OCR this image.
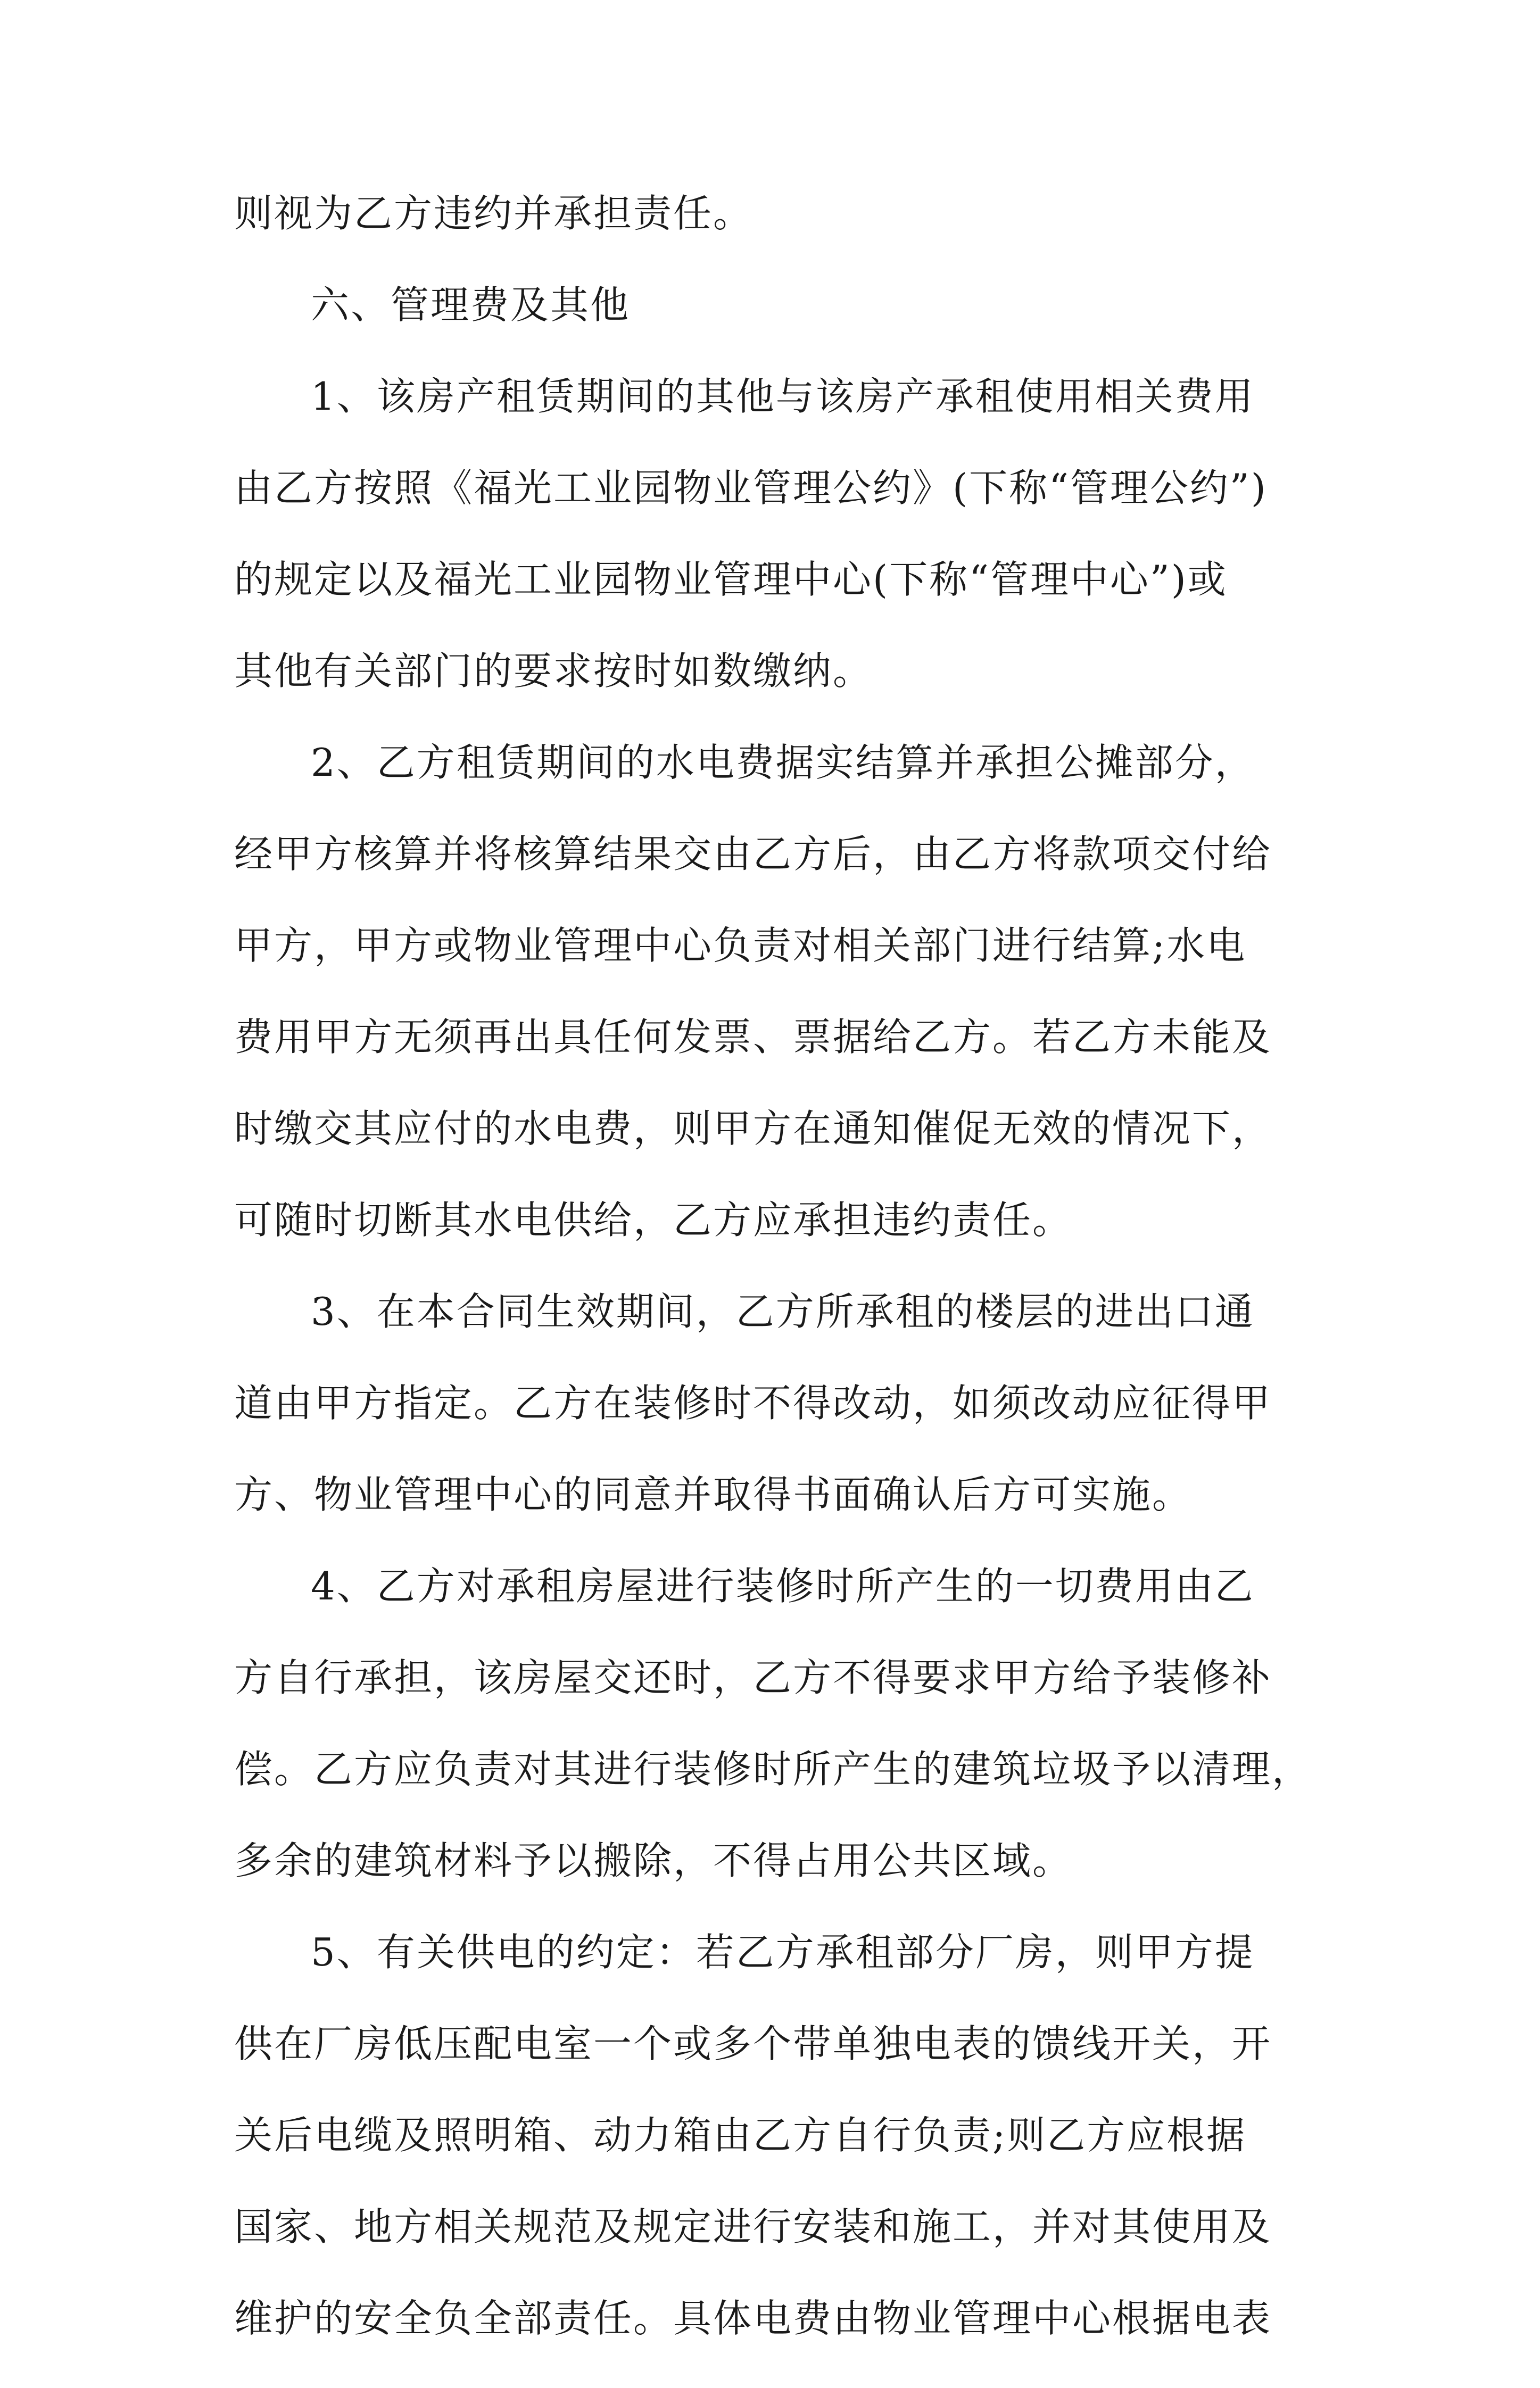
则视为乙方违约并承担责任。
六、管理费及其他
1、该房产租赁期间的其他与该房产承租使用相关费用
由乙方按照《福光工业园物业管理公约》(下称“管理公约”)
的规定以及福光工业园物业管理中心(下称“管理中心”)或
其他有关部门的要求按时如数缴纳。
2、乙方租赁期间的水电费据实结算并承担公摊部分，
经甲方核算并将核算结果交由乙方后，由乙方将款项交付给
甲方，甲方或物业管理中心负责对相关部门进行结算;水电
费用甲方无须再出具任何发票、票据给乙方。若乙方未能及
时缴交其应付的水电费，则甲方在通知催促无效的情况下，
可随时切断其水电供给，乙方应承担违约责任。
3、在本合同生效期间，乙方所承租的楼层的进出口通
道由甲方指定。乙方在装修时不得改动，如须改动应征得甲
方、物业管理中心的同意并取得书面确认后方可实施。
4、乙方对承租房屋进行装修时所产生的一切费用由乙
方自行承担，该房屋交还时，乙方不得要求甲方给予装修补
偿。乙方应负责对其进行装修时所产生的建筑垃圾予以清理，
多余的建筑材料予以搬除，不得占用公共区域。
5、有关供电的约定：若乙方承租部分厂房，则甲方提
供在厂房低压配电室一个或多个带单独电表的馈线开关，开
关后电缆及照明箱、动力箱由乙方自行负责;则乙方应根据
国家、地方相关规范及规定进行安装和施工，并对其使用及
维护的安全负全部责任。具体电费由物业管理中心根据电表
